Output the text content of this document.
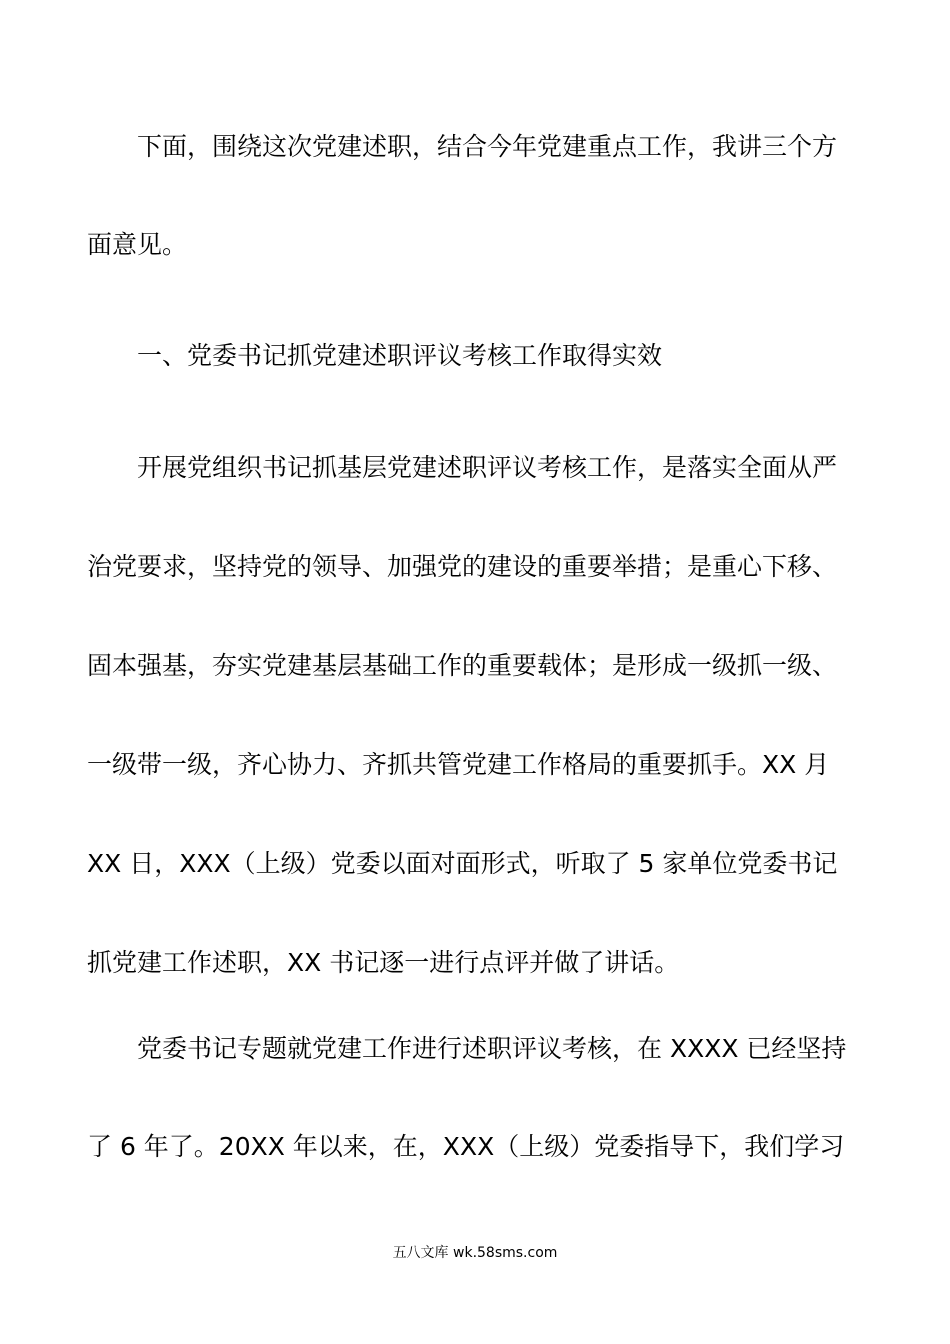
下面，围绕这次党建述职，结合今年党建重点工作，我讲三个方
面意见。
一、党委书记抓党建述职评议考核工作取得实效
开展党组织书记抓基层党建述职评议考核工作，是落实全面从严
治党要求，坚持党的领导、加强党的建设的重要举措；是重心下移、
固本强基，夯实党建基层基础工作的重要载体；是形成一级抓一级、
一级带一级，齐心协力、齐抓共管党建工作格局的重要抓手。XX 月
XX 日，XXX（上级）党委以面对面形式，听取了 5 家单位党委书记
抓党建工作述职，XX 书记逐一进行点评并做了讲话。
党委书记专题就党建工作进行述职评议考核，在 XXXX 已经坚持
了 6 年了。20XX 年以来，在，XXX（上级）党委指导下，我们学习
五八文库 wk.58sms.com
